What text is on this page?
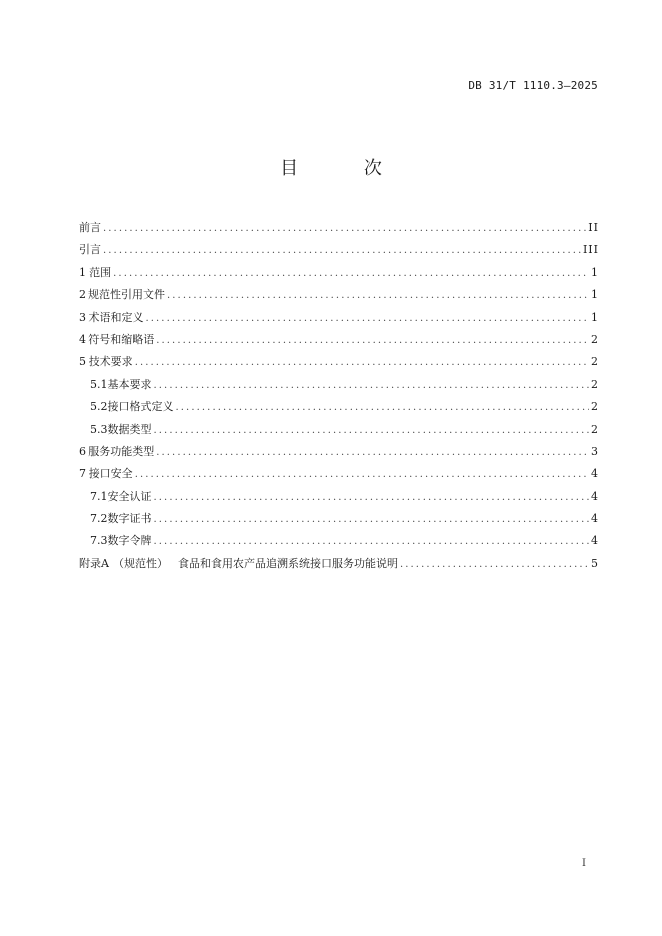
DB 31/T 1110.3—2025
目 次
前言 .....	II
引言 .....	III
1 范围 .....	1
2 规范性引用文件 .....	1
3 术语和定义 .....	1
4 符号和缩略语 .....	2
5 技术要求 .....	2
5.1 基本要求 .....	2
5.2 接口格式定义 .....	2
5.3 数据类型 .....	2
6 服务功能类型 .....	3
7 接口安全 .....	4
7.1 安全认证 .....	4
7.2 数字证书 .....	4
7.3 数字令牌 .....	4
附录A （规范性） 食品和食用农产品追溯系统接口服务功能说明 .....	5
I
